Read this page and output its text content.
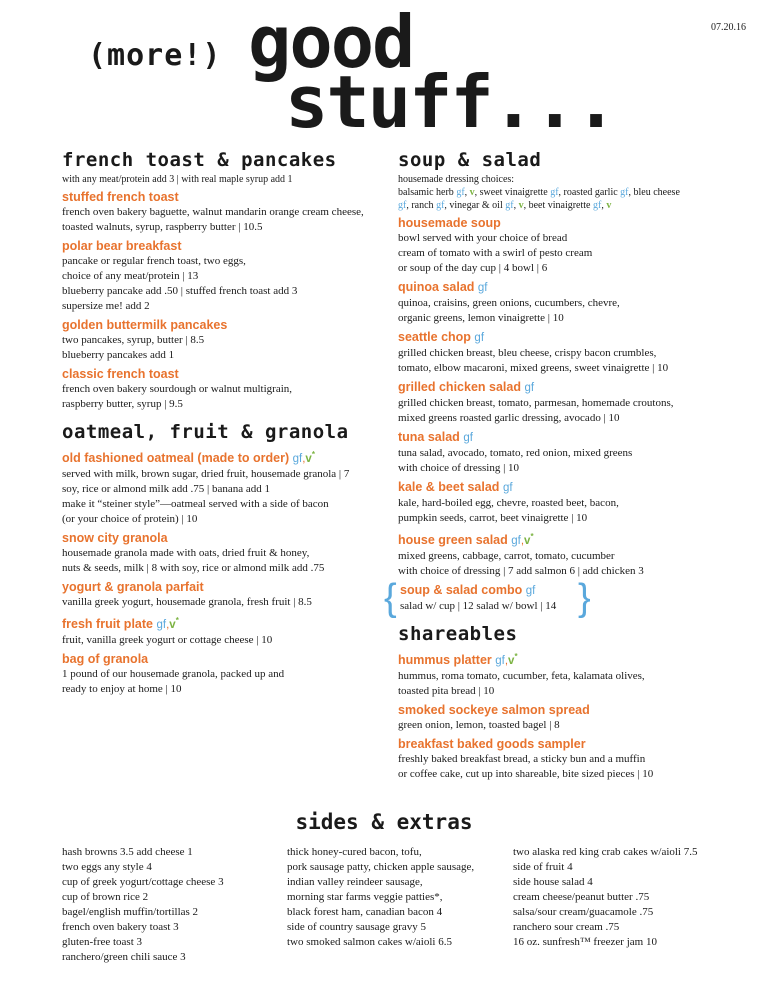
07.20.16
(more!) good
stuff...
french toast & pancakes
with any meat/protein add 3 | with real maple syrup add 1
stuffed french toast
french oven bakery baguette, walnut mandarin orange cream cheese,
toasted walnuts, syrup, raspberry butter | 10.5
polar bear breakfast
pancake or regular french toast, two eggs,
choice of any meat/protein | 13
blueberry pancake add .50 | stuffed french toast add 3
supersize me! add 2
golden buttermilk pancakes
two pancakes, syrup, butter | 8.5
blueberry pancakes add 1
classic french toast
french oven bakery sourdough or walnut multigrain,
raspberry butter, syrup | 9.5
oatmeal, fruit & granola
old fashioned oatmeal (made to order) gf,v*
served with milk, brown sugar, dried fruit, housemade granola | 7
soy, rice or almond milk add .75 | banana add 1
make it “steiner style”—oatmeal served with a side of bacon
(or your choice of protein) | 10
snow city granola
housemade granola made with oats, dried fruit & honey,
nuts & seeds, milk | 8 with soy, rice or almond milk add .75
yogurt & granola parfait
vanilla greek yogurt, housemade granola, fresh fruit | 8.5
fresh fruit plate gf,v*
fruit, vanilla greek yogurt or cottage cheese | 10
bag of granola
1 pound of our housemade granola, packed up and
ready to enjoy at home | 10
soup & salad
housemade dressing choices:
balsamic herb gf, v, sweet vinaigrette gf, roasted garlic gf, bleu cheese
gf, ranch gf, vinegar & oil gf, v, beet vinaigrette gf, v
housemade soup
bowl served with your choice of bread
cream of tomato with a swirl of pesto cream
or soup of the day cup | 4 bowl | 6
quinoa salad gf
quinoa, craisins, green onions, cucumbers, chevre,
organic greens, lemon vinaigrette | 10
seattle chop gf
grilled chicken breast, bleu cheese, crispy bacon crumbles,
tomato, elbow macaroni, mixed greens, sweet vinaigrette | 10
grilled chicken salad gf
grilled chicken breast, tomato, parmesan, homemade croutons,
mixed greens roasted garlic dressing, avocado | 10
tuna salad gf
tuna salad, avocado, tomato, red onion, mixed greens
with choice of dressing | 10
kale & beet salad gf
kale, hard-boiled egg, chevre, roasted beet, bacon,
pumpkin seeds, carrot, beet vinaigrette | 10
house green salad gf,v*
mixed greens, cabbage, carrot, tomato, cucumber
with choice of dressing | 7 add salmon 6 | add chicken 3
{ soup & salad combo gf
salad w/ cup | 12 salad w/ bowl | 14 }
shareables
hummus platter gf,v*
hummus, roma tomato, cucumber, feta, kalamata olives,
toasted pita bread | 10
smoked sockeye salmon spread
green onion, lemon, toasted bagel | 8
breakfast baked goods sampler
freshly baked breakfast bread, a sticky bun and a muffin
or coffee cake, cut up into shareable, bite sized pieces | 10
sides & extras
hash browns 3.5 add cheese 1
two eggs any style 4
cup of greek yogurt/cottage cheese 3
cup of brown rice 2
bagel/english muffin/tortillas 2
french oven bakery toast 3
gluten-free toast 3
ranchero/green chili sauce 3
thick honey-cured bacon, tofu,
pork sausage patty, chicken apple sausage,
indian valley reindeer sausage,
morning star farms veggie patties*,
black forest ham, canadian bacon 4
side of country sausage gravy 5
two smoked salmon cakes w/aioli 6.5
two alaska red king crab cakes w/aioli 7.5
side of fruit 4
side house salad 4
cream cheese/peanut butter .75
salsa/sour cream/guacamole .75
ranchero sour cream .75
16 oz. sunfresh™ freezer jam 10
